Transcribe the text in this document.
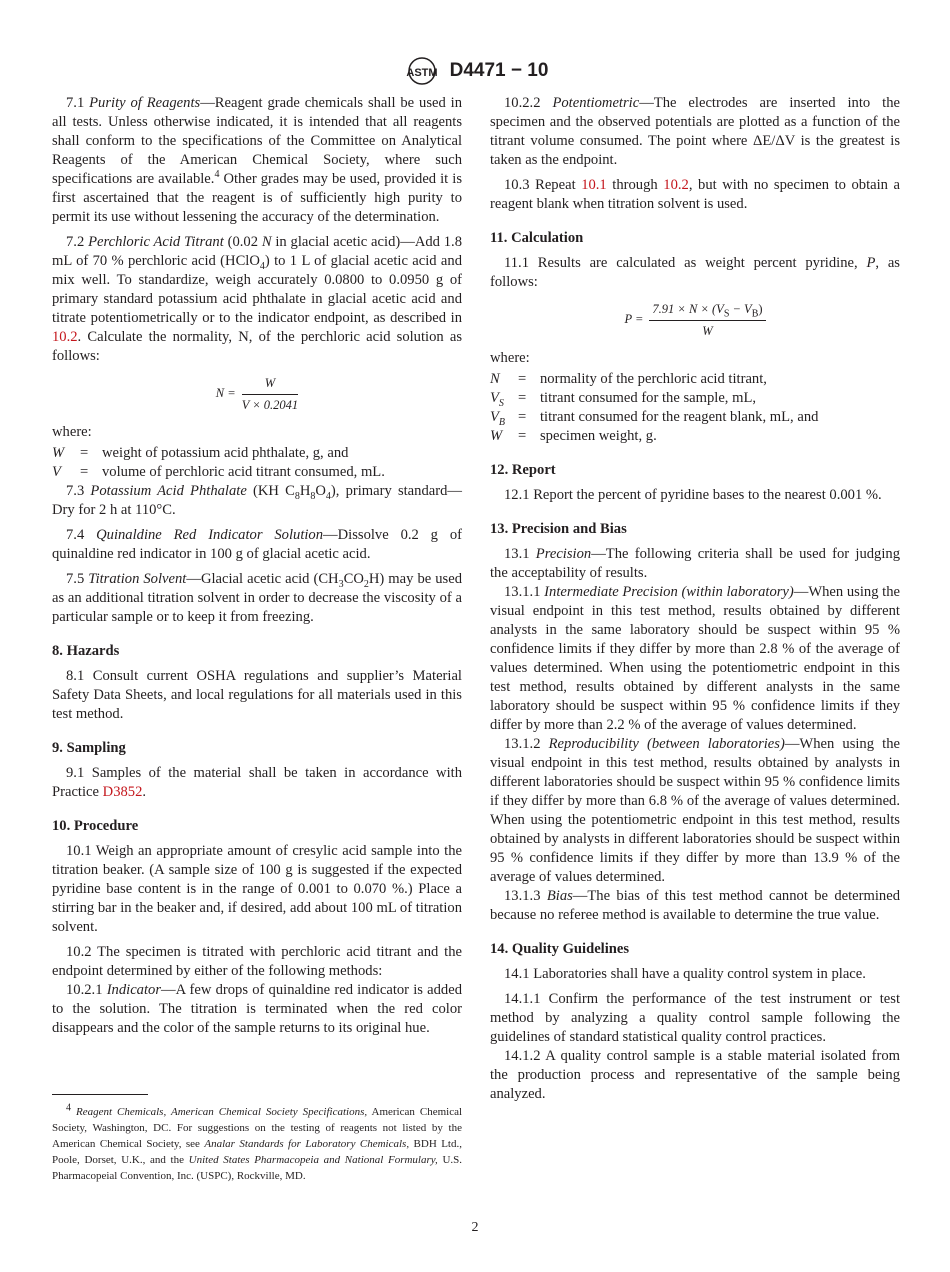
ASTM D4471 − 10
7.1 Purity of Reagents—Reagent grade chemicals shall be used in all tests. Unless otherwise indicated, it is intended that all reagents shall conform to the specifications of the Committee on Analytical Reagents of the American Chemical Society, where such specifications are available.$^4$ Other grades may be used, provided it is first ascertained that the reagent is of sufficiently high purity to permit its use without lessening the accuracy of the determination.
7.2 Perchloric Acid Titrant (0.02 N in glacial acetic acid)—Add 1.8 mL of 70 % perchloric acid (HClO$_4$) to 1 L of glacial acetic acid and mix well. To standardize, weigh accurately 0.0800 to 0.0950 g of primary standard potassium acid phthalate in glacial acetic acid and titrate potentiometrically or to the indicator endpoint, as described in 10.2. Calculate the normality, N, of the perchloric acid solution as follows:
$N = \frac{W}{V \times 0.2041}$
where:
W	= weight of potassium acid phthalate, g, and
V	= volume of perchloric acid titrant consumed, mL.
7.3 Potassium Acid Phthalate (KH $C_8H_8O_4$), primary standard—Dry for 2 h at 110°C.
7.4 Quinaldine Red Indicator Solution—Dissolve 0.2 g of quinaldine red indicator in 100 g of glacial acetic acid.
7.5 Titration Solvent—Glacial acetic acid $(CH_3CO_2H)$ may be used as an additional titration solvent in order to decrease the viscosity of a particular sample or to keep it from freezing.
8. Hazards
8.1 Consult current OSHA regulations and supplier’s Material Safety Data Sheets, and local regulations for all materials used in this test method.
9. Sampling
9.1 Samples of the material shall be taken in accordance with Practice D3852.
10. Procedure
10.1 Weigh an appropriate amount of cresylic acid sample into the titration beaker. (A sample size of 100 g is suggested if the expected pyridine base content is in the range of 0.001 to 0.070 %.) Place a stirring bar in the beaker and, if desired, add about 100 mL of titration solvent.
10.2 The specimen is titrated with perchloric acid titrant and the endpoint determined by either of the following methods:
10.2.1 Indicator—A few drops of quinaldine red indicator is added to the solution. The titration is terminated when the red color disappears and the color of the sample returns to its original hue.
10.2.2 Potentiometric—The electrodes are inserted into the specimen and the observed potentials are plotted as a function of the titrant volume consumed. The point where ΔE/ΔV is the greatest is taken as the endpoint.
10.3 Repeat 10.1 through 10.2, but with no specimen to obtain a reagent blank when titration solvent is used.
11. Calculation
11.1 Results are calculated as weight percent pyridine, P, as follows:
$P = \frac{7.91 \times N \times (V_S - V_B)}{W}$
where:
N	= normality of the perchloric acid titrant,
$V_S$ = titrant consumed for the sample, mL,
$V_B$ = titrant consumed for the reagent blank, mL, and
W	= specimen weight, g.
12. Report
12.1 Report the percent of pyridine bases to the nearest 0.001 %.
13. Precision and Bias
13.1 Precision—The following criteria shall be used for judging the acceptability of results.
13.1.1 Intermediate Precision (within laboratory)—When using the visual endpoint in this test method, results obtained by different analysts in the same laboratory should be suspect within 95 % confidence limits if they differ by more than 2.8 % of the average of values determined. When using the potentiometric endpoint in this test method, results obtained by different analysts in the same laboratory should be suspect within 95 % confidence limits if they differ by more than 2.2 % of the average of values determined.
13.1.2 Reproducibility (between laboratories)—When using the visual endpoint in this test method, results obtained by analysts in different laboratories should be suspect within 95 % confidence limits if they differ by more than 6.8 % of the average of values determined. When using the potentiometric endpoint in this test method, results obtained by analysts in different laboratories should be suspect within 95 % confidence limits if they differ by more than 13.9 % of the average of values determined.
13.1.3 Bias—The bias of this test method cannot be determined because no referee method is available to determine the true value.
14. Quality Guidelines
14.1 Laboratories shall have a quality control system in place.
14.1.1 Confirm the performance of the test instrument or test method by analyzing a quality control sample following the guidelines of standard statistical quality control practices.
14.1.2 A quality control sample is a stable material isolated from the production process and representative of the sample being analyzed.
$^4$ Reagent Chemicals, American Chemical Society Specifications, American Chemical Society, Washington, DC. For suggestions on the testing of reagents not listed by the American Chemical Society, see Analar Standards for Laboratory Chemicals, BDH Ltd., Poole, Dorset, U.K., and the United States Pharmacopeia and National Formulary, U.S. Pharmacopeial Convention, Inc. (USPC), Rockville, MD.
2
